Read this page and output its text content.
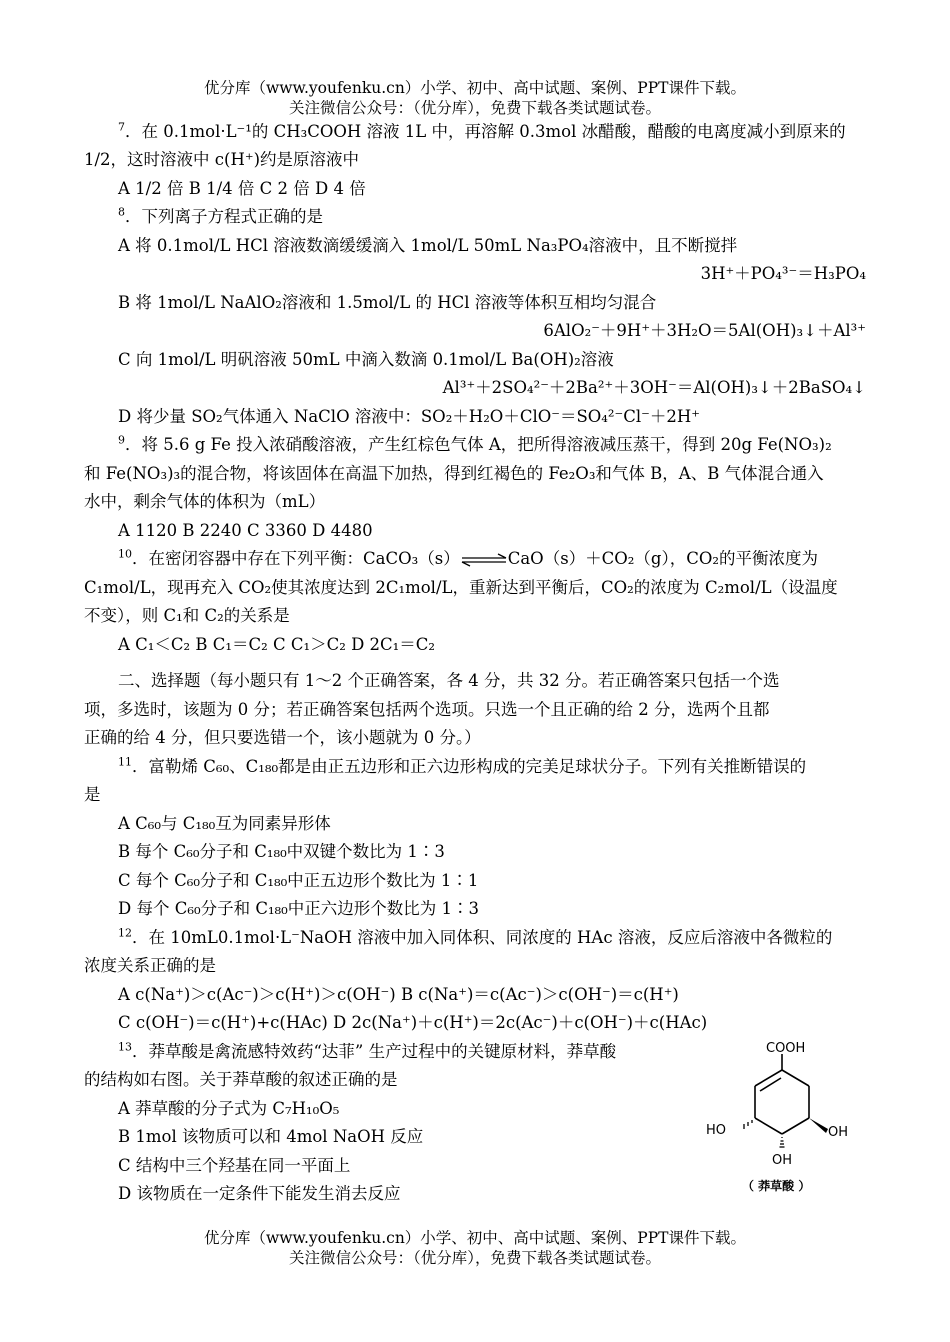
优分库（www.youfenku.cn）小学、初中、高中试题、案例、PPT课件下载。
关注微信公众号：（优分库），免费下载各类试题试卷。
$^7$．在 0.1mol·L⁻¹的 CH₃COOH 溶液 1L 中，再溶解 0.3mol 冰醋酸，醋酸的电离度减小到原来的
1/2，这时溶液中 c(H⁺)约是原溶液中
A 1/2 倍 B 1/4 倍 C 2 倍 D 4 倍
$^8$．下列离子方程式正确的是
A 将 0.1mol/L HCl 溶液数滴缓缓滴入 1mol/L 50mL Na₃PO₄溶液中，且不断搅拌
3H⁺＋PO₄³⁻＝H₃PO₄
B 将 1mol/L NaAlO₂溶液和 1.5mol/L 的 HCl 溶液等体积互相均匀混合
6AlO₂⁻＋9H⁺＋3H₂O＝5Al(OH)₃↓＋Al³⁺
C 向 1mol/L 明矾溶液 50mL 中滴入数滴 0.1mol/L Ba(OH)₂溶液
Al³⁺＋2SO₄²⁻＋2Ba²⁺＋3OH⁻＝Al(OH)₃↓＋2BaSO₄↓
D 将少量 SO₂气体通入 NaClO 溶液中：SO₂＋H₂O＋ClO⁻＝SO₄²⁻Cl⁻＋2H⁺
$^9$．将 5.6 g Fe 投入浓硝酸溶液，产生红棕色气体 A，把所得溶液减压蒸干，得到 20g Fe(NO₃)₂
和 Fe(NO₃)₃的混合物，将该固体在高温下加热，得到红褐色的 Fe₂O₃和气体 B，A、B 气体混合通入
水中，剩余气体的体积为（mL）
A 1120 B 2240 C 3360 D 4480
$^{10}$．在密闭容器中存在下列平衡：CaCO₃（s）⇌CaO（s）＋CO₂（g），CO₂的平衡浓度为
C₁mol/L，现再充入 CO₂使其浓度达到 2C₁mol/L，重新达到平衡后，CO₂的浓度为 C₂mol/L（设温度
不变），则 C₁和 C₂的关系是
A C₁＜C₂ B C₁＝C₂ C C₁＞C₂ D 2C₁＝C₂
二、选择题（每小题只有 1～2 个正确答案，各 4 分，共 32 分。若正确答案只包括一个选
项，多选时，该题为 0 分；若正确答案包括两个选项。只选一个且正确的给 2 分，选两个且都
正确的给 4 分，但只要选错一个，该小题就为 0 分。）
$^{11}$．富勒烯 C₆₀、C₁₈₀都是由正五边形和正六边形构成的完美足球状分子。下列有关推断错误的
是
A C₆₀与 C₁₈₀互为同素异形体
B 每个 C₆₀分子和 C₁₈₀中双键个数比为 1∶3
C 每个 C₆₀分子和 C₁₈₀中正五边形个数比为 1∶1
D 每个 C₆₀分子和 C₁₈₀中正六边形个数比为 1∶3
$^{12}$．在 10mL0.1mol·L⁻NaOH 溶液中加入同体积、同浓度的 HAc 溶液，反应后溶液中各微粒的
浓度关系正确的是
A c(Na⁺)＞c(Ac⁻)＞c(H⁺)＞c(OH⁻) B c(Na⁺)＝c(Ac⁻)＞c(OH⁻)＝c(H⁺)
C c(OH⁻)＝c(H⁺)+c(HAc) D 2c(Na⁺)＋c(H⁺)＝2c(Ac⁻)＋c(OH⁻)＋c(HAc)
$^{13}$．莽草酸是禽流感特效药“达菲” 生产过程中的关键原材料，莽草酸
的结构如右图。关于莽草酸的叙述正确的是
A 莽草酸的分子式为 C₇H₁₀O₅
B 1mol 该物质可以和 4mol NaOH 反应
C 结构中三个羟基在同一平面上
D 该物质在一定条件下能发生消去反应
COOH
HO
OH
OH
（ 莽草酸 ）
优分库（www.youfenku.cn）小学、初中、高中试题、案例、PPT课件下载。
关注微信公众号：（优分库），免费下载各类试题试卷。
